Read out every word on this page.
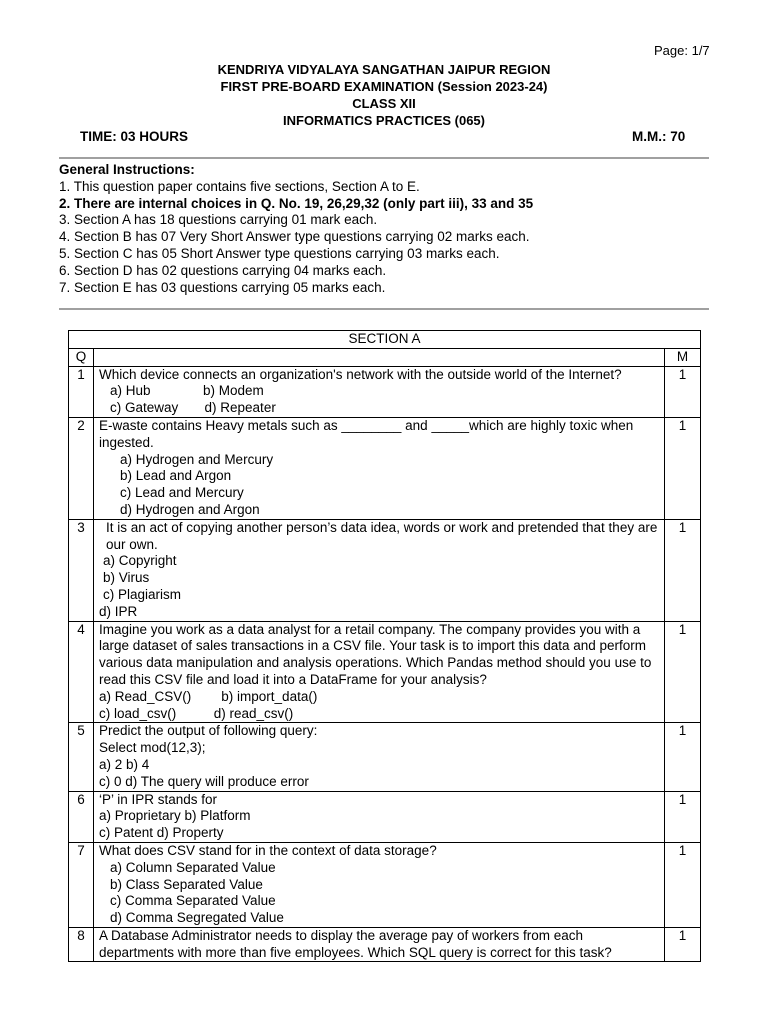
Page: 1/7
KENDRIYA VIDYALAYA SANGATHAN JAIPUR REGION
FIRST PRE-BOARD EXAMINATION (Session 2023-24)
CLASS XII
INFORMATICS PRACTICES (065)
TIME: 03 HOURS	M.M.: 70
General Instructions:
1. This question paper contains five sections, Section A to E.
2. There are internal choices in Q. No. 19, 26,29,32 (only part iii), 33 and 35
3. Section A has 18 questions carrying 01 mark each.
4. Section B has 07 Very Short Answer type questions carrying 02 marks each.
5. Section C has 05 Short Answer type questions carrying 03 marks each.
6. Section D has 02 questions carrying 04 marks each.
7. Section E has 03 questions carrying 05 marks each.
SECTION A		
Q		M
1	Which device connects an organization's network with the outside world of the Internet?
a) Hub              b) Modem
c) Gateway       d) Repeater	1
2	E-waste contains Heavy metals such as ________ and _____which are highly toxic when ingested.
a) Hydrogen and Mercury
b) Lead and Argon
c) Lead and Mercury
d) Hydrogen and Argon	1
3	It is an act of copying another person’s data idea, words or work and pretended that they are our own.
a) Copyright
b) Virus
c) Plagiarism
d) IPR	1
4	Imagine you work as a data analyst for a retail company. The company provides you with a large dataset of sales transactions in a CSV file. Your task is to import this data and perform various data manipulation and analysis operations. Which Pandas method should you use to read this CSV file and load it into a DataFrame for your analysis?
a) Read_CSV()        b) import_data()
c) load_csv()          d) read_csv()	1
5	Predict the output of following query:
Select mod(12,3);
a) 2 b) 4
c) 0 d) The query will produce error	1
6	‘P’ in IPR stands for
a) Proprietary b) Platform
c) Patent d) Property	1
7	What does CSV stand for in the context of data storage?
a) Column Separated Value
b) Class Separated Value
c) Comma Separated Value
d) Comma Segregated Value	1
8	A Database Administrator needs to display the average pay of workers from each departments with more than five employees. Which SQL query is correct for this task?	1
